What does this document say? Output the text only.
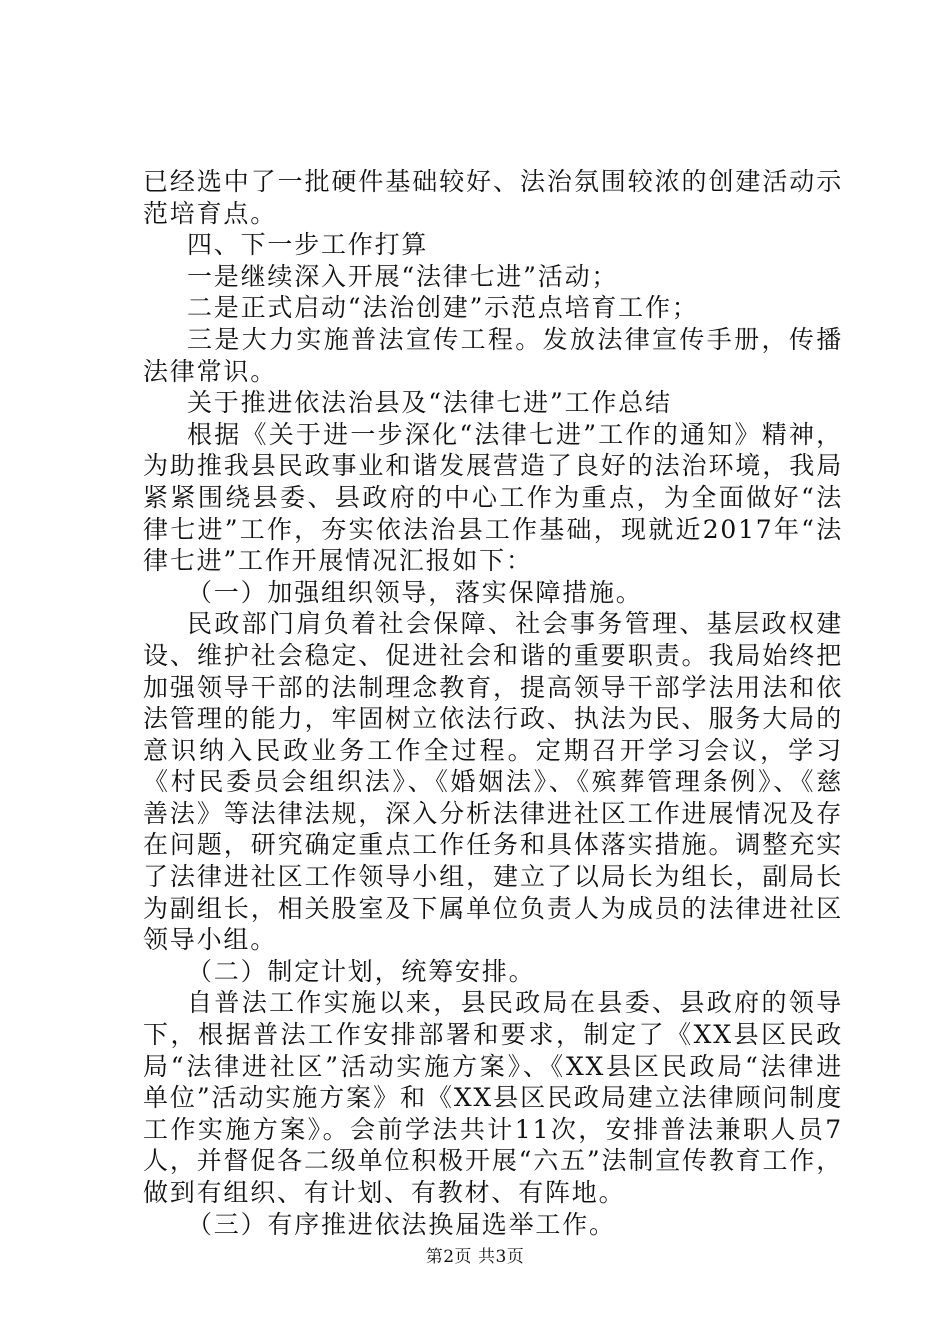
已经选中了一批硬件基础较好、法治氛围较浓的创建活动示范培育点。

四、下一步工作打算

一是继续深入开展“法律七进”活动；

二是正式启动“法治创建”示范点培育工作；

三是大力实施普法宣传工程。发放法律宣传手册，传播法律常识。

关于推进依法治县及“法律七进”工作总结

根据《关于进一步深化“法律七进”工作的通知》精神，为助推我县民政事业和谐发展营造了良好的法治环境，我局紧紧围绕县委、县政府的中心工作为重点，为全面做好“法律七进”工作，夯实依法治县工作基础，现就近2017年“法律七进”工作开展情况汇报如下：

（一）加强组织领导，落实保障措施。

民政部门肩负着社会保障、社会事务管理、基层政权建设、维护社会稳定、促进社会和谐的重要职责。我局始终把加强领导干部的法制理念教育，提高领导干部学法用法和依法管理的能力，牢固树立依法行政、执法为民、服务大局的意识纳入民政业务工作全过程。定期召开学习会议，学习《村民委员会组织法》、《婚姻法》、《殡葬管理条例》、《慈善法》等法律法规，深入分析法律进社区工作进展情况及存在问题，研究确定重点工作任务和具体落实措施。调整充实了法律进社区工作领导小组，建立了以局长为组长，副局长为副组长，相关股室及下属单位负责人为成员的法律进社区领导小组。

（二）制定计划，统筹安排。

自普法工作实施以来，县民政局在县委、县政府的领导下，根据普法工作安排部署和要求，制定了《XX县区民政局“法律进社区”活动实施方案》、《XX县区民政局“法律进单位”活动实施方案》和《XX县区民政局建立法律顾问制度工作实施方案》。会前学法共计11次，安排普法兼职人员7人，并督促各二级单位积极开展“六五”法制宣传教育工作，做到有组织、有计划、有教材、有阵地。

（三）有序推进依法换届选举工作。

第2页 共3页
